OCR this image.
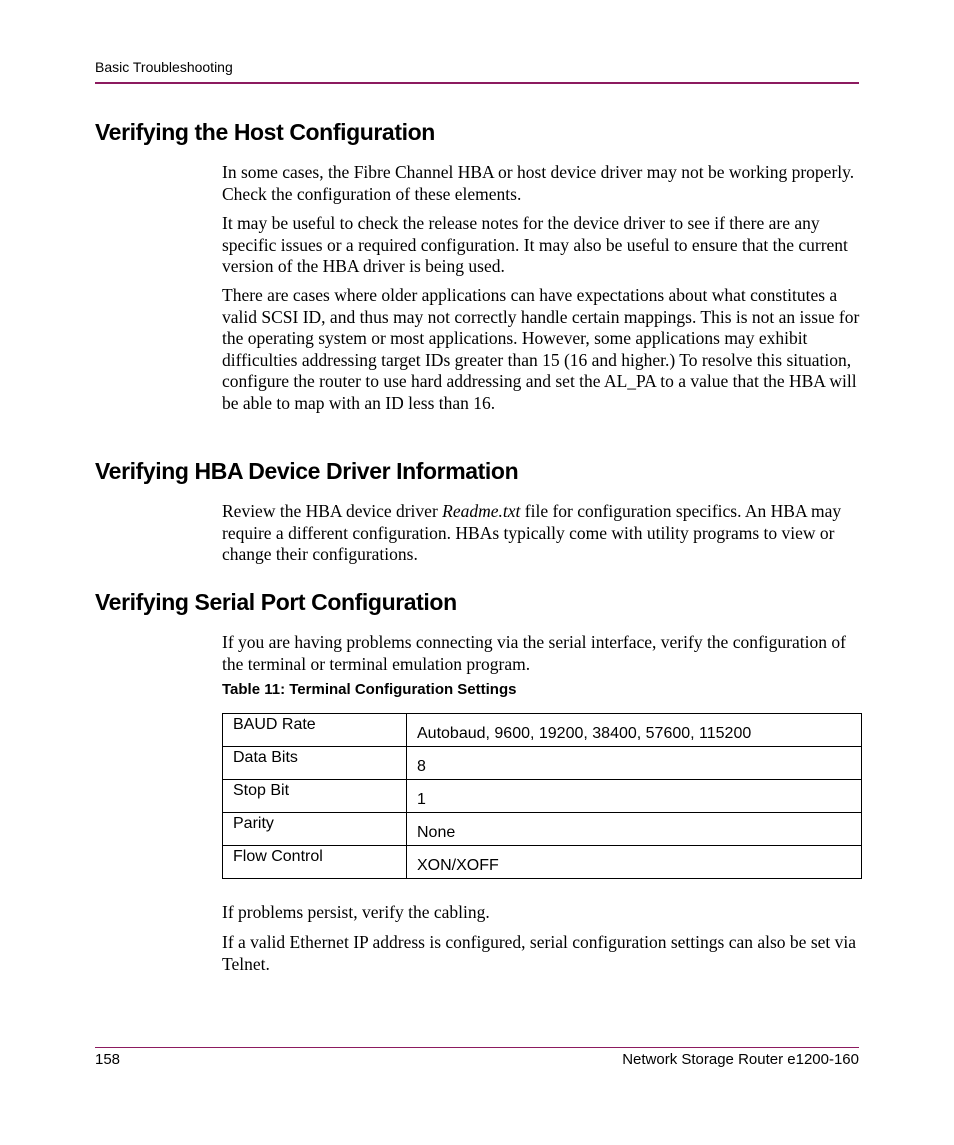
Basic Troubleshooting
Verifying the Host Configuration

In some cases, the Fibre Channel HBA or host device driver may not be working properly. Check the configuration of these elements.

It may be useful to check the release notes for the device driver to see if there are any specific issues or a required configuration. It may also be useful to ensure that the current version of the HBA driver is being used.

There are cases where older applications can have expectations about what constitutes a valid SCSI ID, and thus may not correctly handle certain mappings. This is not an issue for the operating system or most applications. However, some applications may exhibit difficulties addressing target IDs greater than 15 (16 and higher.) To resolve this situation, configure the router to use hard addressing and set the AL_PA to a value that the HBA will be able to map with an ID less than 16.

Verifying HBA Device Driver Information

Review the HBA device driver Readme.txt file for configuration specifics. An HBA may require a different configuration. HBAs typically come with utility programs to view or change their configurations.

Verifying Serial Port Configuration

If you are having problems connecting via the serial interface, verify the configuration of the terminal or terminal emulation program.

Table 11: Terminal Configuration Settings
BAUD Rate	Autobaud, 9600, 19200, 38400, 57600, 115200
Data Bits	8
Stop Bit	1
Parity	None
Flow Control	XON/XOFF

If problems persist, verify the cabling.

If a valid Ethernet IP address is configured, serial configuration settings can also be set via Telnet.

158	Network Storage Router e1200-160
